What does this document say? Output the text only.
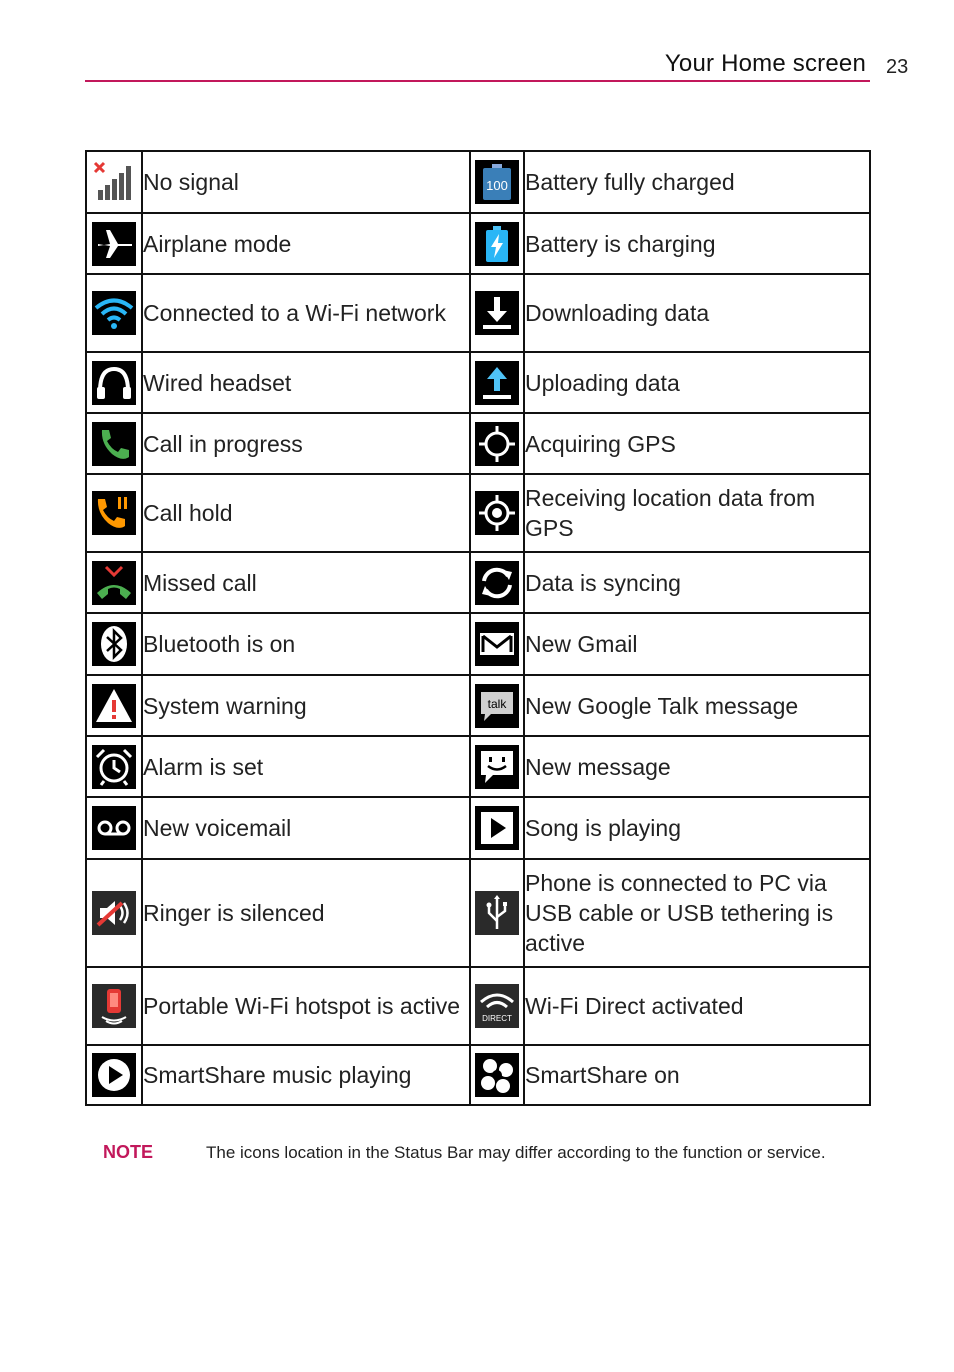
Your Home screen 23
	No signal	100	Battery fully charged

	Airplane mode		Battery is charging

	Connected to a Wi-Fi network		Downloading data

	Wired headset		Uploading data

	Call in progress		Acquiring GPS

	Call hold		Receiving location data from GPS

	Missed call		Data is syncing

	Bluetooth is on		New Gmail

	System warning	talk	New Google Talk message

	Alarm is set		New message

	New voicemail		Song is playing

	Ringer is silenced		Phone is connected to PC via USB cable or USB tethering is active

	Portable Wi-Fi hotspot is active	DIRECT	Wi-Fi Direct activated

	SmartShare music playing		SmartShare on
NOTE	The icons location in the Status Bar may differ according to the function or service.
